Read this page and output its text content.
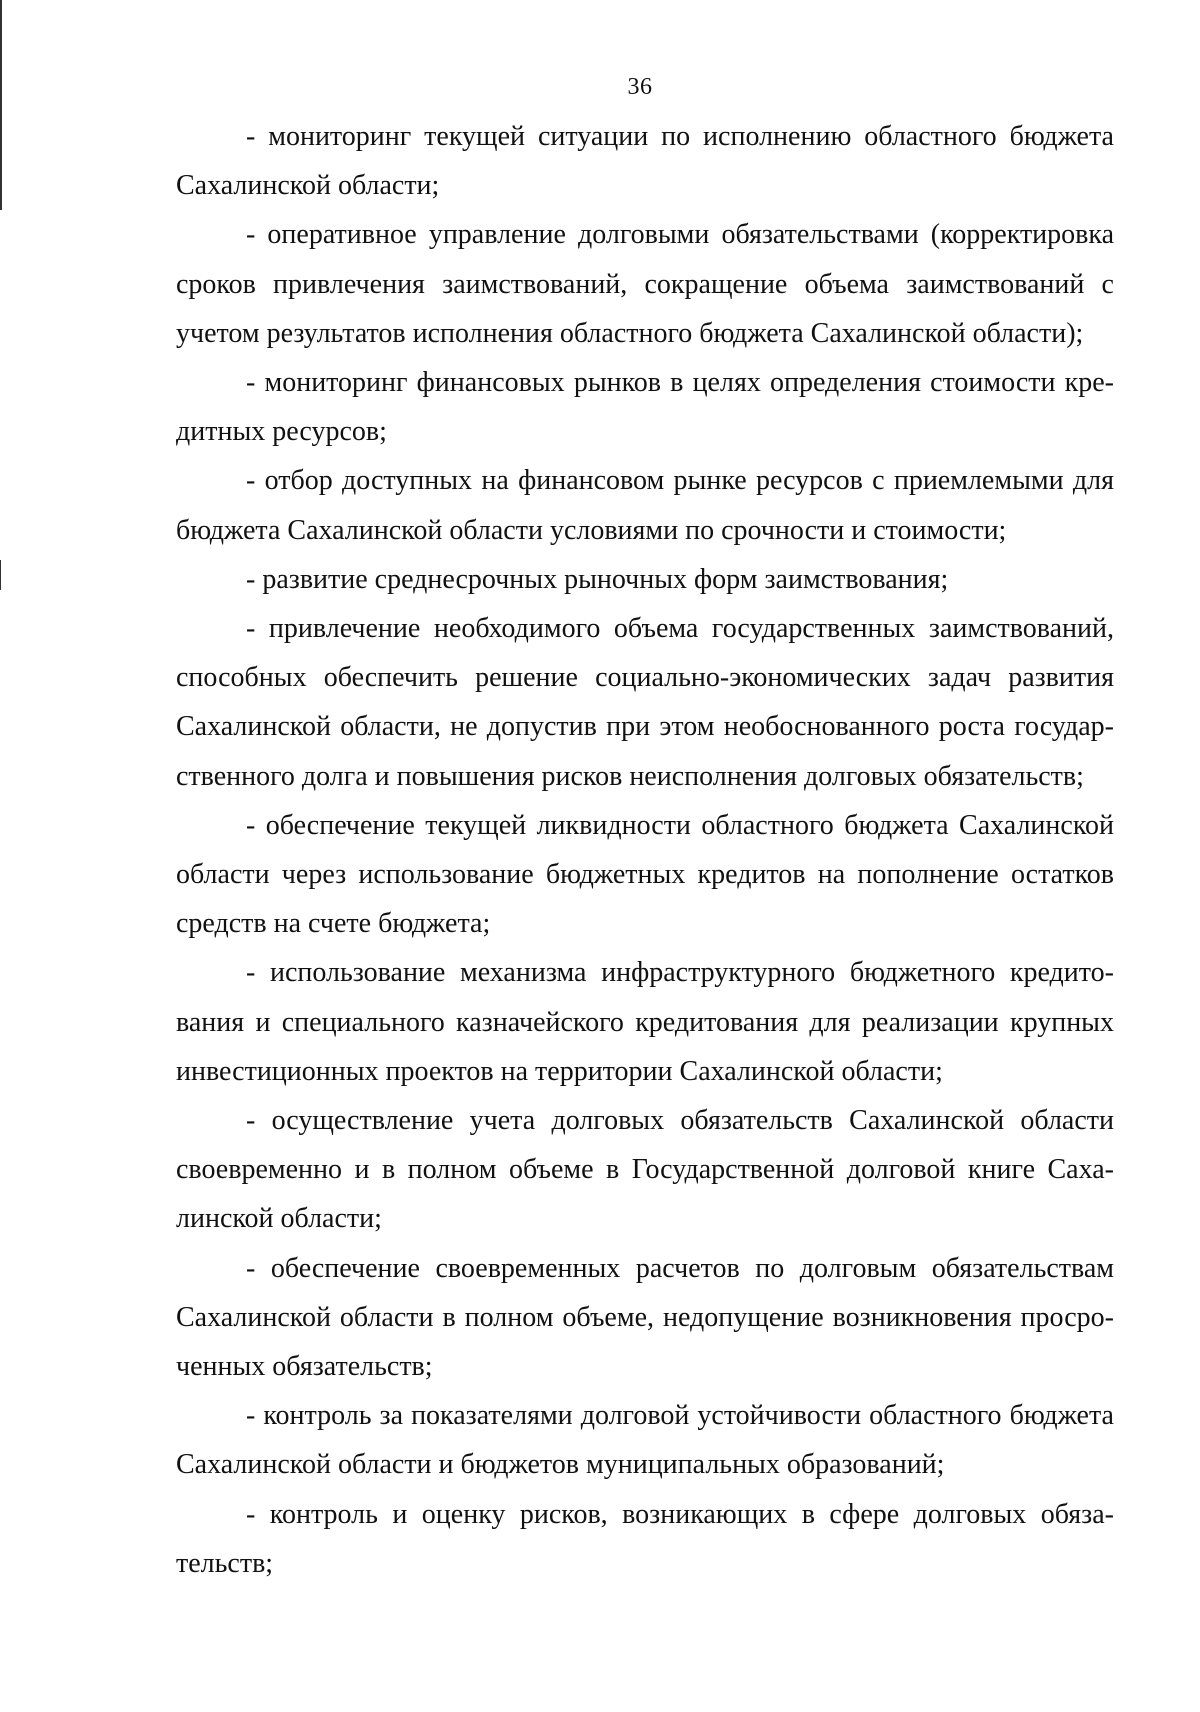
36

- мониторинг текущей ситуации по исполнению областного бюджета Сахалинской области;

- оперативное управление долговыми обязательствами (корректировка сроков привлечения заимствований, сокращение объема заимствований с учетом результатов исполнения областного бюджета Сахалинской области);

- мониторинг финансовых рынков в целях определения стоимости кредитных ресурсов;

- отбор доступных на финансовом рынке ресурсов с приемлемыми для бюджета Сахалинской области условиями по срочности и стоимости;

- развитие среднесрочных рыночных форм заимствования;

- привлечение необходимого объема государственных заимствований, способных обеспечить решение социально-экономических задач развития Сахалинской области, не допустив при этом необоснованного роста государственного долга и повышения рисков неисполнения долговых обязательств;

- обеспечение текущей ликвидности областного бюджета Сахалинской области через использование бюджетных кредитов на пополнение остатков средств на счете бюджета;

- использование механизма инфраструктурного бюджетного кредитования и специального казначейского кредитования для реализации крупных инвестиционных проектов на территории Сахалинской области;

- осуществление учета долговых обязательств Сахалинской области своевременно и в полном объеме в Государственной долговой книге Сахалинской области;

- обеспечение своевременных расчетов по долговым обязательствам Сахалинской области в полном объеме, недопущение возникновения просроченных обязательств;

- контроль за показателями долговой устойчивости областного бюджета Сахалинской области и бюджетов муниципальных образований;

- контроль и оценку рисков, возникающих в сфере долговых обязательств;
